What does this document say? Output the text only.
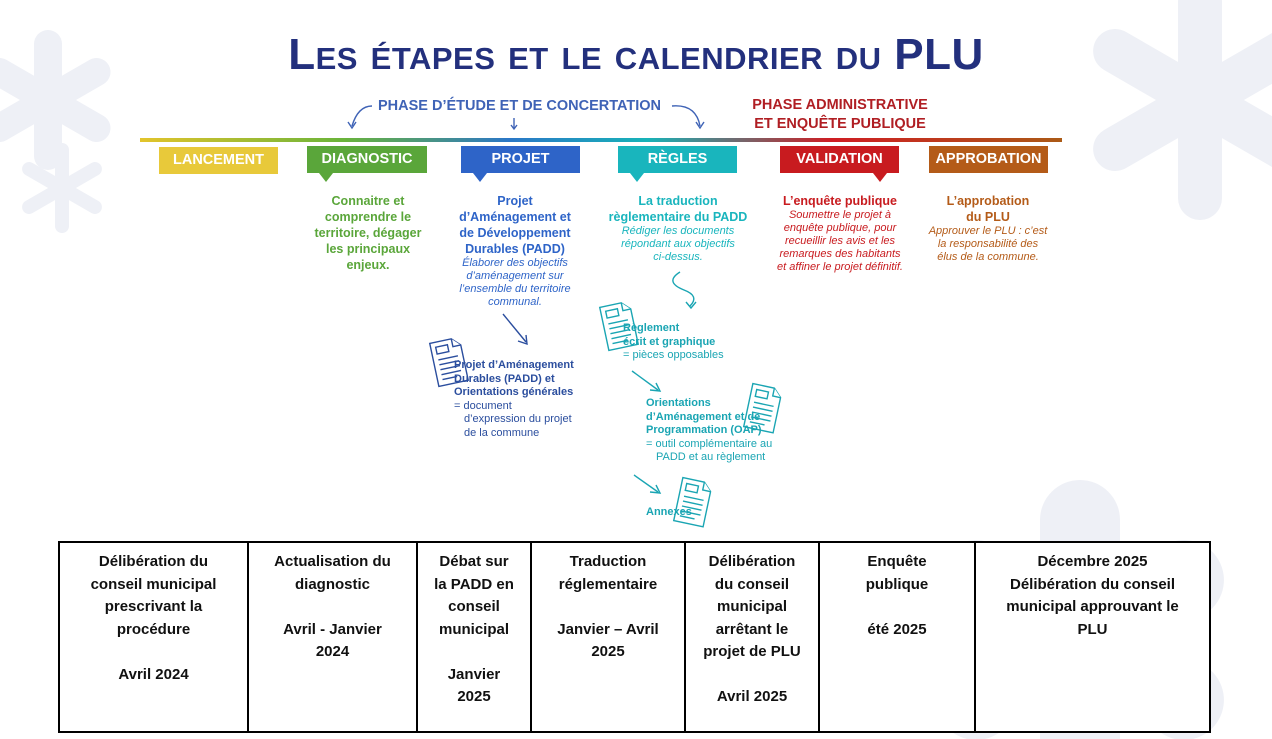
Les étapes et le calendrier du PLU
PHASE D’ÉTUDE ET DE CONCERTATION	PHASE ADMINISTRATIVE
ET ENQUÊTE PUBLIQUE
LANCEMENT	DIAGNOSTIC	PROJET	RÈGLES	VALIDATION	APPROBATION
Connaitre et
comprendre le
territoire, dégager
les principaux
enjeux.
Projet
d’Aménagement et
de Développement
Durables (PADD)
Élaborer des objectifs
d’aménagement sur
l’ensemble du territoire
communal.
La traduction
règlementaire du PADD
Rédiger les documents
répondant aux objectifs
ci-dessus.
L’enquête publique
Soumettre le projet à
enquête publique, pour
recueillir les avis et les
remarques des habitants
et affiner le projet définitif.
L’approbation
du PLU
Approuver le PLU : c’est
la responsabilité des
élus de la commune.
Projet d’Aménagement
Durables (PADD) et
Orientations générales
= document
d’expression du projet
de la commune
Règlement
écrit et graphique
= pièces opposables
Orientations
d’Aménagement et de
Programmation (OAP)
= outil complémentaire au
PADD et au règlement
Annexes
Délibération du
conseil municipal
prescrivant la
procédure

Avril 2024	Actualisation du
diagnostic

Avril - Janvier
2024	Débat sur
la PADD en
conseil
municipal

Janvier
2025	Traduction
réglementaire

Janvier – Avril
2025	Délibération
du conseil
municipal
arrêtant le
projet de PLU

Avril 2025	Enquête
publique

été 2025	Décembre 2025
Délibération du conseil
municipal approuvant le
PLU
